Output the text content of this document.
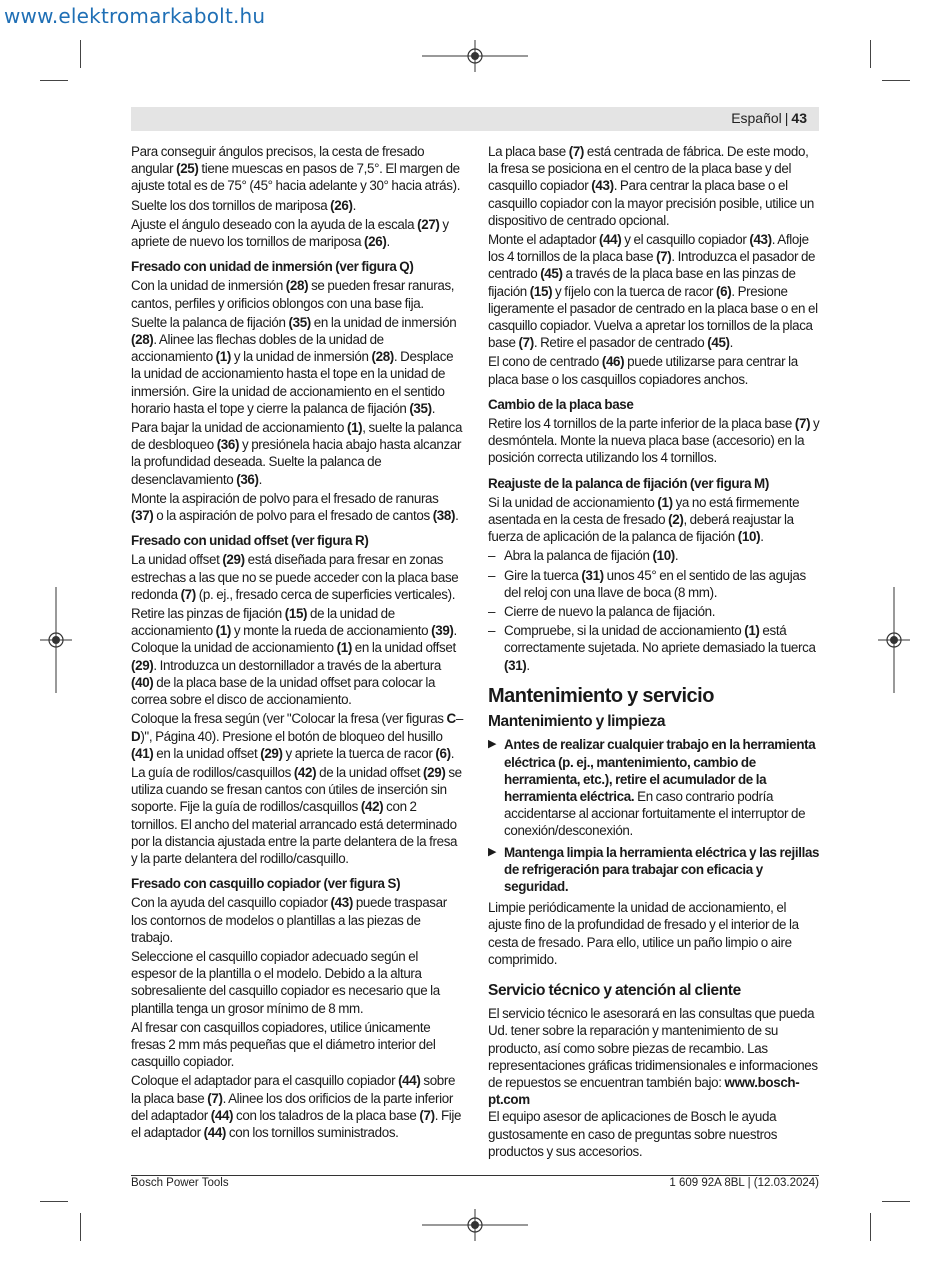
www.elektromarkabolt.hu
Español | 43

Para conseguir ángulos precisos, la cesta de fresado angular (25) tiene muescas en pasos de 7,5°. El margen de ajuste total es de 75° (45° hacia adelante y 30° hacia atrás).

Suelte los dos tornillos de mariposa (26).

Ajuste el ángulo deseado con la ayuda de la escala (27) y apriete de nuevo los tornillos de mariposa (26).

Fresado con unidad de inmersión (ver figura Q)

Con la unidad de inmersión (28) se pueden fresar ranuras, cantos, perfiles y orificios oblongos con una base fija.

Suelte la palanca de fijación (35) en la unidad de inmersión (28). Alinee las flechas dobles de la unidad de accionamiento (1) y la unidad de inmersión (28). Desplace la unidad de accionamiento hasta el tope en la unidad de inmersión. Gire la unidad de accionamiento en el sentido horario hasta el tope y cierre la palanca de fijación (35).

Para bajar la unidad de accionamiento (1), suelte la palanca de desbloqueo (36) y presiónela hacia abajo hasta alcanzar la profundidad deseada. Suelte la palanca de desenclavamiento (36).

Monte la aspiración de polvo para el fresado de ranuras (37) o la aspiración de polvo para el fresado de cantos (38).

Fresado con unidad offset (ver figura R)

La unidad offset (29) está diseñada para fresar en zonas estrechas a las que no se puede acceder con la placa base redonda (7) (p. ej., fresado cerca de superficies verticales).

Retire las pinzas de fijación (15) de la unidad de accionamiento (1) y monte la rueda de accionamiento (39). Coloque la unidad de accionamiento (1) en la unidad offset (29). Introduzca un destornillador a través de la abertura (40) de la placa base de la unidad offset para colocar la correa sobre el disco de accionamiento.

Coloque la fresa según (ver "Colocar la fresa (ver figuras C–D)", Página 40). Presione el botón de bloqueo del husillo (41) en la unidad offset (29) y apriete la tuerca de racor (6).

La guía de rodillos/casquillos (42) de la unidad offset (29) se utiliza cuando se fresan cantos con útiles de inserción sin soporte. Fije la guía de rodillos/casquillos (42) con 2 tornillos. El ancho del material arrancado está determinado por la distancia ajustada entre la parte delantera de la fresa y la parte delantera del rodillo/casquillo.

Fresado con casquillo copiador (ver figura S)

Con la ayuda del casquillo copiador (43) puede traspasar los contornos de modelos o plantillas a las piezas de trabajo.

Seleccione el casquillo copiador adecuado según el espesor de la plantilla o el modelo. Debido a la altura sobresaliente del casquillo copiador es necesario que la plantilla tenga un grosor mínimo de 8 mm.

Al fresar con casquillos copiadores, utilice únicamente fresas 2 mm más pequeñas que el diámetro interior del casquillo copiador.

Coloque el adaptador para el casquillo copiador (44) sobre la placa base (7). Alinee los dos orificios de la parte inferior del adaptador (44) con los taladros de la placa base (7). Fije el adaptador (44) con los tornillos suministrados.

La placa base (7) está centrada de fábrica. De este modo, la fresa se posiciona en el centro de la placa base y del casquillo copiador (43). Para centrar la placa base o el casquillo copiador con la mayor precisión posible, utilice un dispositivo de centrado opcional.

Monte el adaptador (44) y el casquillo copiador (43). Afloje los 4 tornillos de la placa base (7). Introduzca el pasador de centrado (45) a través de la placa base en las pinzas de fijación (15) y fíjelo con la tuerca de racor (6). Presione ligeramente el pasador de centrado en la placa base o en el casquillo copiador. Vuelva a apretar los tornillos de la placa base (7). Retire el pasador de centrado (45).

El cono de centrado (46) puede utilizarse para centrar la placa base o los casquillos copiadores anchos.

Cambio de la placa base

Retire los 4 tornillos de la parte inferior de la placa base (7) y desmóntela. Monte la nueva placa base (accesorio) en la posición correcta utilizando los 4 tornillos.

Reajuste de la palanca de fijación (ver figura M)

Si la unidad de accionamiento (1) ya no está firmemente asentada en la cesta de fresado (2), deberá reajustar la fuerza de aplicación de la palanca de fijación (10).

– Abra la palanca de fijación (10).
– Gire la tuerca (31) unos 45° en el sentido de las agujas del reloj con una llave de boca (8 mm).
– Cierre de nuevo la palanca de fijación.
– Compruebe, si la unidad de accionamiento (1) está correctamente sujetada. No apriete demasiado la tuerca (31).
Mantenimiento y servicio
Mantenimiento y limpieza
▶ Antes de realizar cualquier trabajo en la herramienta eléctrica (p. ej., mantenimiento, cambio de herramienta, etc.), retire el acumulador de la herramienta eléctrica. En caso contrario podría accidentarse al accionar fortuitamente el interruptor de conexión/desconexión.
▶ Mantenga limpia la herramienta eléctrica y las rejillas de refrigeración para trabajar con eficacia y seguridad.

Limpie periódicamente la unidad de accionamiento, el ajuste fino de la profundidad de fresado y el interior de la cesta de fresado. Para ello, utilice un paño limpio o aire comprimido.

Servicio técnico y atención al cliente

El servicio técnico le asesorará en las consultas que pueda Ud. tener sobre la reparación y mantenimiento de su producto, así como sobre piezas de recambio. Las representaciones gráficas tridimensionales e informaciones de repuestos se encuentran también bajo: www.bosch-pt.com

El equipo asesor de aplicaciones de Bosch le ayuda gustosamente en caso de preguntas sobre nuestros productos y sus accesorios.

Bosch Power Tools	1 609 92A 8BL | (12.03.2024)
